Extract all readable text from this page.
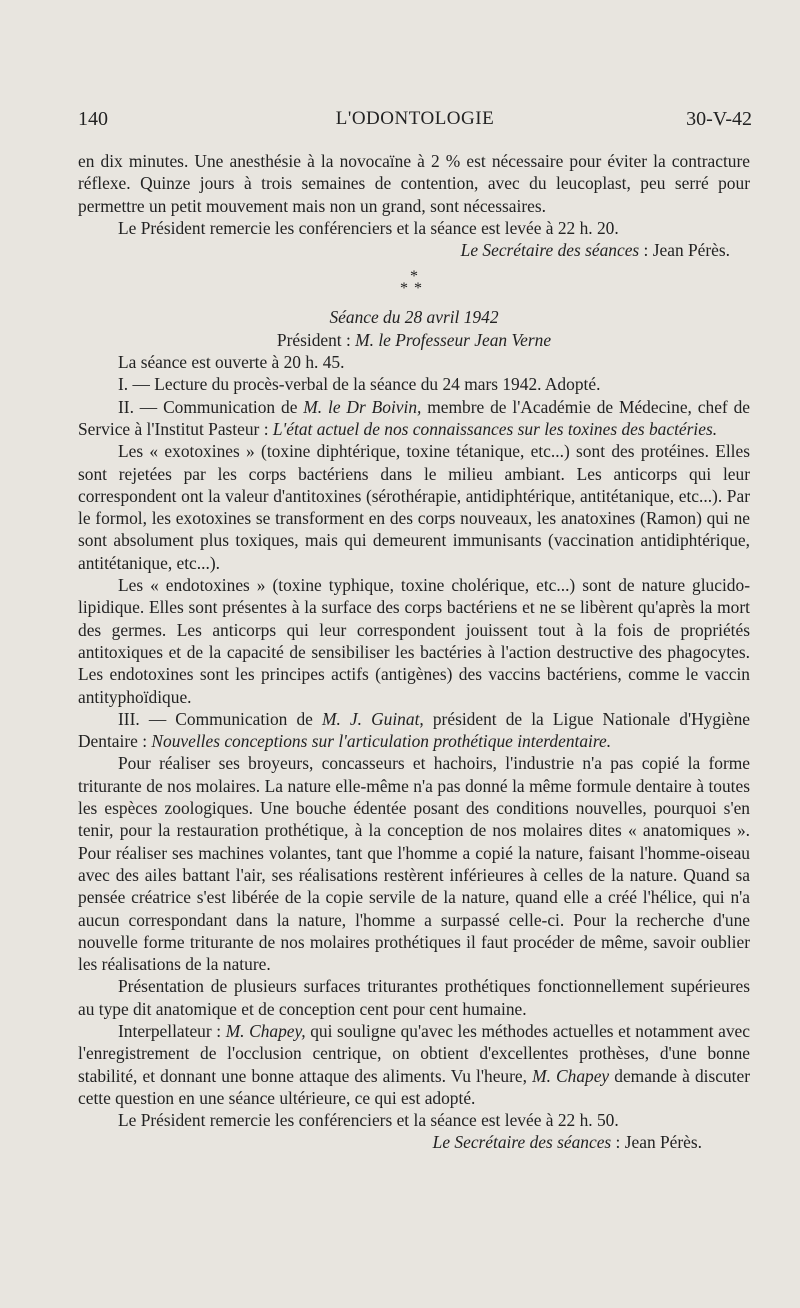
140	L'ODONTOLOGIE	30-V-42

en dix minutes. Une anesthésie à la novocaïne à 2 % est nécessaire pour éviter la contracture réflexe. Quinze jours à trois semaines de contention, avec du leucoplast, peu serré pour permettre un petit mouvement mais non un grand, sont nécessaires.

Le Président remercie les conférenciers et la séance est levée à 22 h. 20.

Le Secrétaire des séances : Jean Pérès.

*
**

Séance du 28 avril 1942

Président : M. le Professeur Jean Verne

La séance est ouverte à 20 h. 45.

I. — Lecture du procès-verbal de la séance du 24 mars 1942. Adopté.

II. — Communication de M. le Dr Boivin, membre de l'Académie de Médecine, chef de Service à l'Institut Pasteur : L'état actuel de nos connaissances sur les toxines des bactéries.

Les « exotoxines » (toxine diphtérique, toxine tétanique, etc...) sont des protéines. Elles sont rejetées par les corps bactériens dans le milieu ambiant. Les anticorps qui leur correspondent ont la valeur d'antitoxines (sérothérapie, antidiphtérique, antitétanique, etc...). Par le formol, les exotoxines se transforment en des corps nouveaux, les anatoxines (Ramon) qui ne sont absolument plus toxiques, mais qui demeurent immunisants (vaccination antidiphtérique, antitétanique, etc...).

Les « endotoxines » (toxine typhique, toxine cholérique, etc...) sont de nature glucido-lipidique. Elles sont présentes à la surface des corps bactériens et ne se libèrent qu'après la mort des germes. Les anticorps qui leur correspondent jouissent tout à la fois de propriétés antitoxiques et de la capacité de sensibiliser les bactéries à l'action destructive des phagocytes. Les endotoxines sont les principes actifs (antigènes) des vaccins bactériens, comme le vaccin antityphoïdique.

III. — Communication de M. J. Guinat, président de la Ligue Nationale d'Hygiène Dentaire : Nouvelles conceptions sur l'articulation prothétique interdentaire.

Pour réaliser ses broyeurs, concasseurs et hachoirs, l'industrie n'a pas copié la forme triturante de nos molaires. La nature elle-même n'a pas donné la même formule dentaire à toutes les espèces zoologiques. Une bouche édentée posant des conditions nouvelles, pourquoi s'en tenir, pour la restauration prothétique, à la conception de nos molaires dites « anatomiques ». Pour réaliser ses machines volantes, tant que l'homme a copié la nature, faisant l'homme-oiseau avec des ailes battant l'air, ses réalisations restèrent inférieures à celles de la nature. Quand sa pensée créatrice s'est libérée de la copie servile de la nature, quand elle a créé l'hélice, qui n'a aucun correspondant dans la nature, l'homme a surpassé celle-ci. Pour la recherche d'une nouvelle forme triturante de nos molaires prothétiques il faut procéder de même, savoir oublier les réalisations de la nature.

Présentation de plusieurs surfaces triturantes prothétiques fonctionnellement supérieures au type dit anatomique et de conception cent pour cent humaine.

Interpellateur : M. Chapey, qui souligne qu'avec les méthodes actuelles et notamment avec l'enregistrement de l'occlusion centrique, on obtient d'excellentes prothèses, d'une bonne stabilité, et donnant une bonne attaque des aliments. Vu l'heure, M. Chapey demande à discuter cette question en une séance ultérieure, ce qui est adopté.

Le Président remercie les conférenciers et la séance est levée à 22 h. 50.

Le Secrétaire des séances : Jean Pérès.
